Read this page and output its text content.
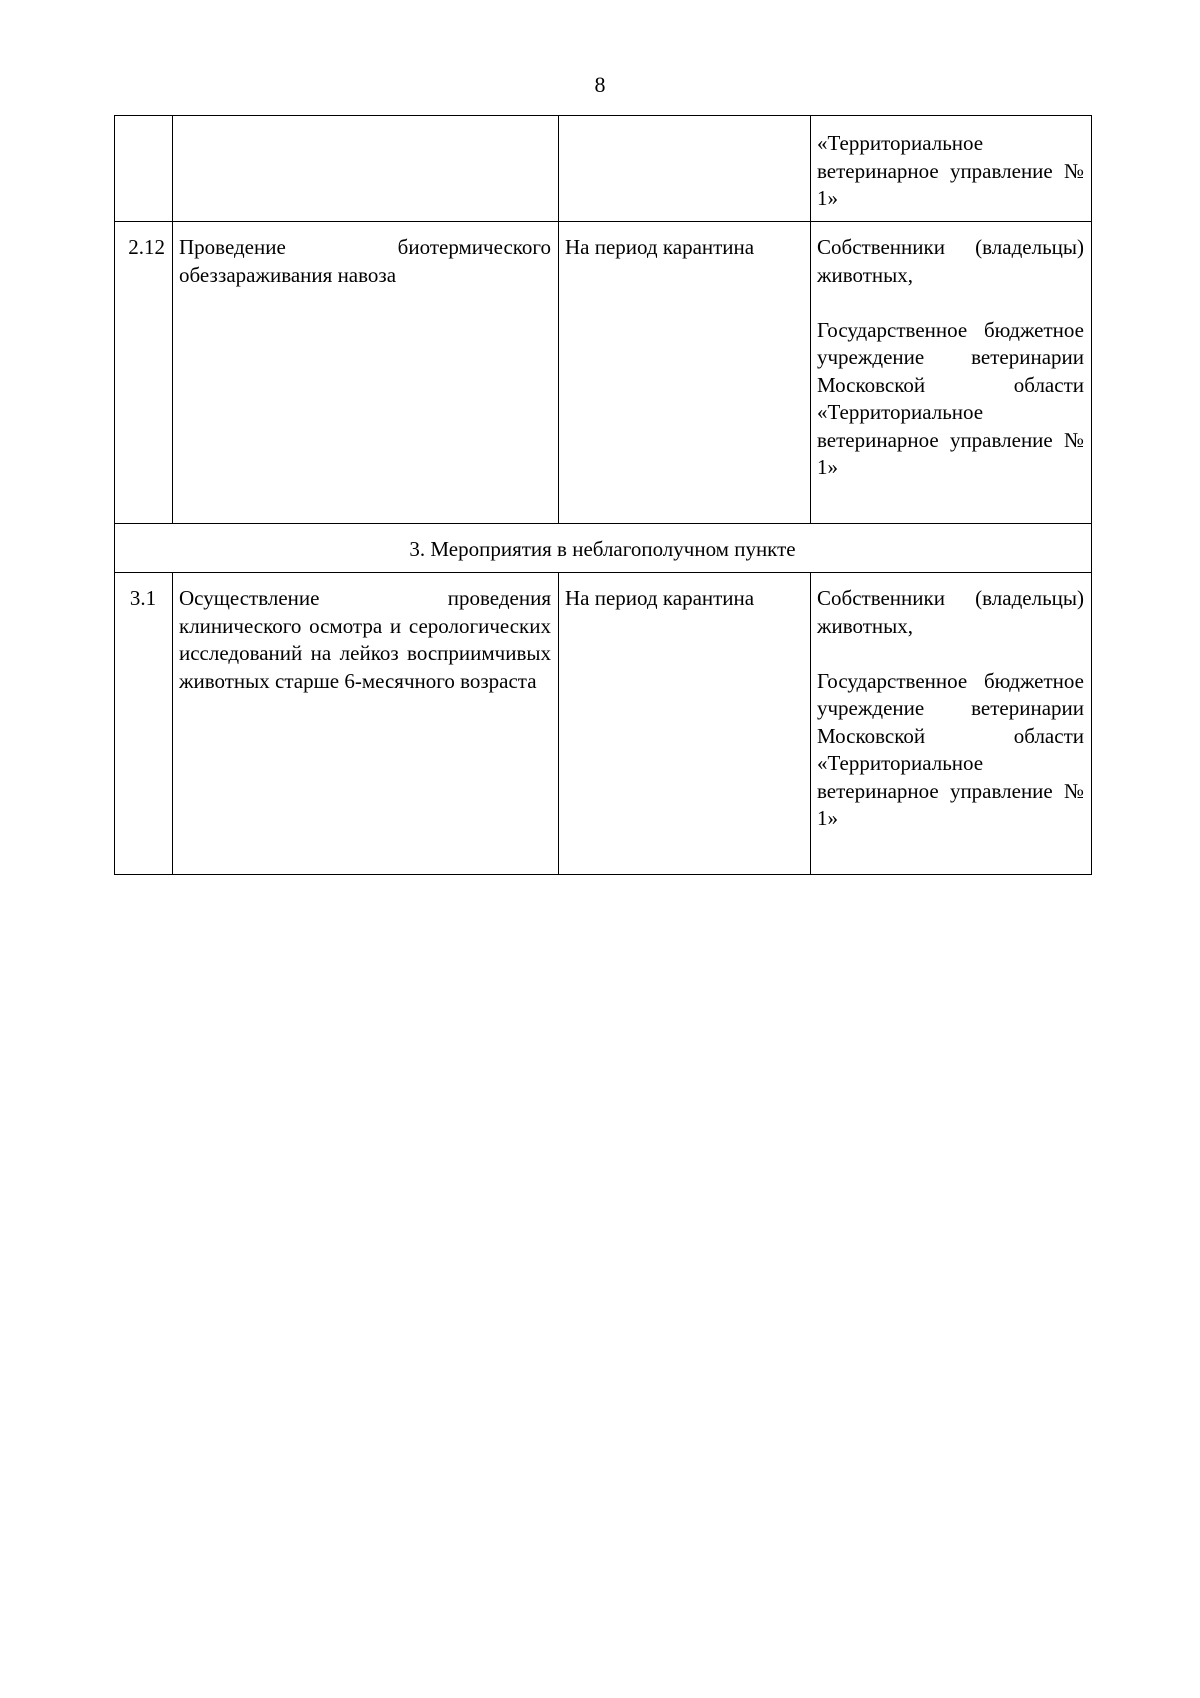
8

			«Территориальное ветеринарное управление № 1»

2.12	Проведение биотермического обеззараживания навоза	На период карантина	Собственники (владельцы) животных,
Государственное бюджетное учреждение ветеринарии Московской области «Территориальное ветеринарное управление № 1»

3. Мероприятия в неблагополучном пункте			
3.1	Осуществление проведения клинического осмотра и серологических исследований на лейкоз восприимчивых животных старше 6-месячного возраста	На период карантина	Собственники (владельцы) животных,
Государственное бюджетное учреждение ветеринарии Московской области «Территориальное ветеринарное управление № 1»
